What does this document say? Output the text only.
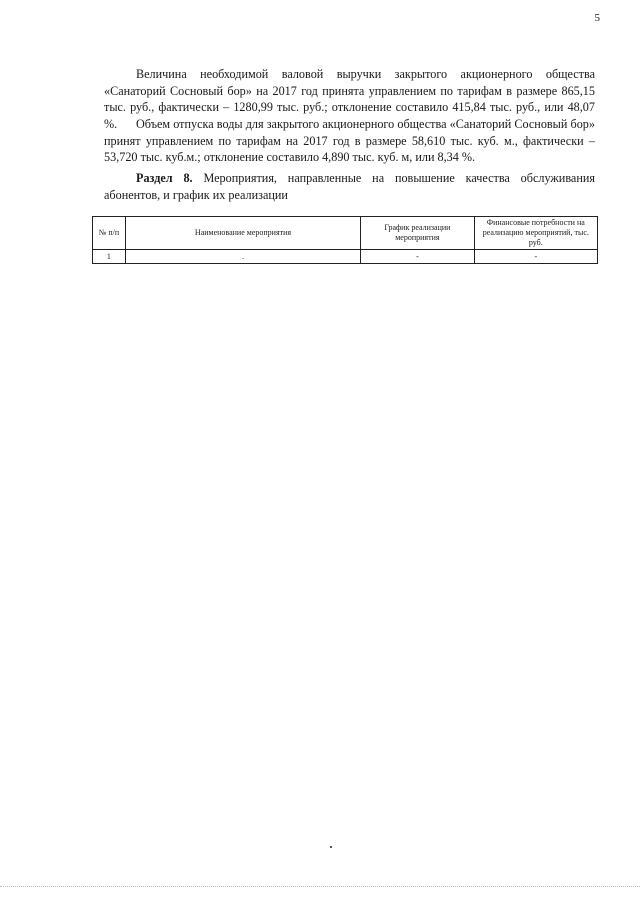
5

Величина необходимой валовой выручки закрытого акционерного общества «Санаторий Сосновый бор» на 2017 год принята управлением по тарифам в размере 865,15 тыс. руб., фактически – 1280,99 тыс. руб.; отклонение составило 415,84 тыс. руб., или 48,07 %.	Объем отпуска воды для закрытого акционерного общества «Санаторий Сосновый бор» принят управлением по тарифам на 2017 год в размере 58,610 тыс. куб. м., фактически – 53,720 тыс. куб.м.; отклонение составило 4,890 тыс. куб. м, или 8,34 %.

Раздел 8. Мероприятия, направленные на повышение качества обслуживания абонентов, и график их реализации

№ п/п	Наименование мероприятия	График реализации мероприятия	Финансовые потребности на реализацию мероприятий, тыс. руб.
1	.	-	-
